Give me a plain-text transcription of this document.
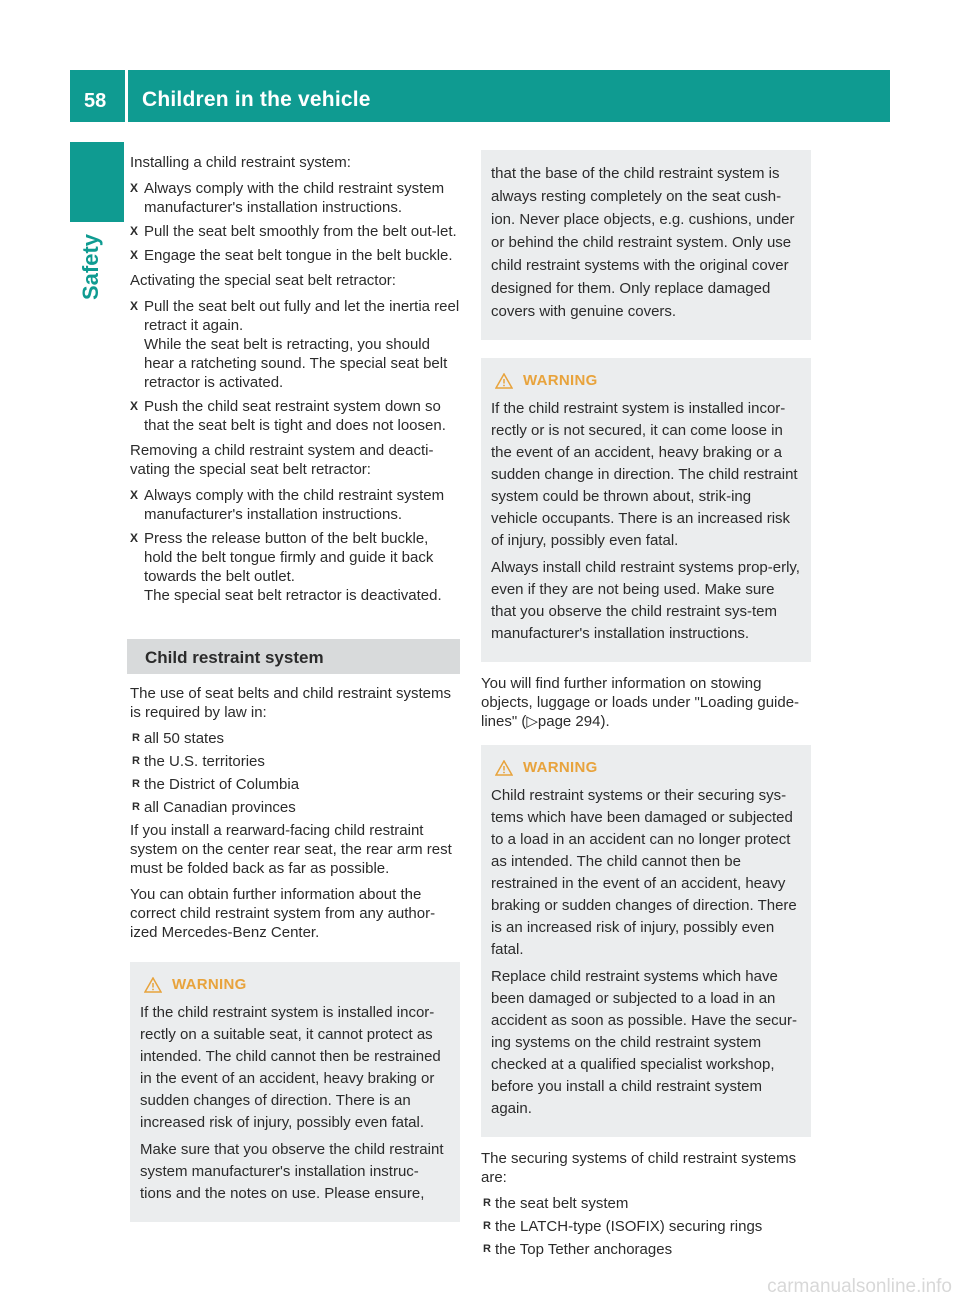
58 Children in the vehicle
Safety

Installing a child restraint system:

X Always comply with the child restraint system manufacturer's installation instructions.
X Pull the seat belt smoothly from the belt out-let.
X Engage the seat belt tongue in the belt buckle.

Activating the special seat belt retractor:

X Pull the seat belt out fully and let the inertia reel retract it again.
While the seat belt is retracting, you should hear a ratcheting sound. The special seat belt retractor is activated.
X Push the child seat restraint system down so that the seat belt is tight and does not loosen.

Removing a child restraint system and deacti-vating the special seat belt retractor:

X Always comply with the child restraint system manufacturer's installation instructions.
X Press the release button of the belt buckle, hold the belt tongue firmly and guide it back towards the belt outlet.
The special seat belt retractor is deactivated.
Child restraint system

The use of seat belts and child restraint systems is required by law in:

R all 50 states
R the U.S. territories
R the District of Columbia
R all Canadian provinces

If you install a rearward-facing child restraint system on the center rear seat, the rear arm rest must be folded back as far as possible.

You can obtain further information about the correct child restraint system from any author-ized Mercedes-Benz Center.

WARNING

If the child restraint system is installed incor-rectly on a suitable seat, it cannot protect as intended. The child cannot then be restrained in the event of an accident, heavy braking or sudden changes of direction. There is an increased risk of injury, possibly even fatal.

Make sure that you observe the child restraint system manufacturer's installation instruc-tions and the notes on use. Please ensure,

that the base of the child restraint system is always resting completely on the seat cush-ion. Never place objects, e.g. cushions, under or behind the child restraint system. Only use child restraint systems with the original cover designed for them. Only replace damaged covers with genuine covers.

WARNING

If the child restraint system is installed incor-rectly or is not secured, it can come loose in the event of an accident, heavy braking or a sudden change in direction. The child restraint system could be thrown about, strik-ing vehicle occupants. There is an increased risk of injury, possibly even fatal.

Always install child restraint systems prop-erly, even if they are not being used. Make sure that you observe the child restraint sys-tem manufacturer's installation instructions.

You will find further information on stowing objects, luggage or loads under "Loading guide-lines" (▷page 294).

WARNING

Child restraint systems or their securing sys-tems which have been damaged or subjected to a load in an accident can no longer protect as intended. The child cannot then be restrained in the event of an accident, heavy braking or sudden changes of direction. There is an increased risk of injury, possibly even fatal.

Replace child restraint systems which have been damaged or subjected to a load in an accident as soon as possible. Have the secur-ing systems on the child restraint system checked at a qualified specialist workshop, before you install a child restraint system again.

The securing systems of child restraint systems are:

R the seat belt system
R the LATCH-type (ISOFIX) securing rings
R the Top Tether anchorages
carmanualsonline.info
